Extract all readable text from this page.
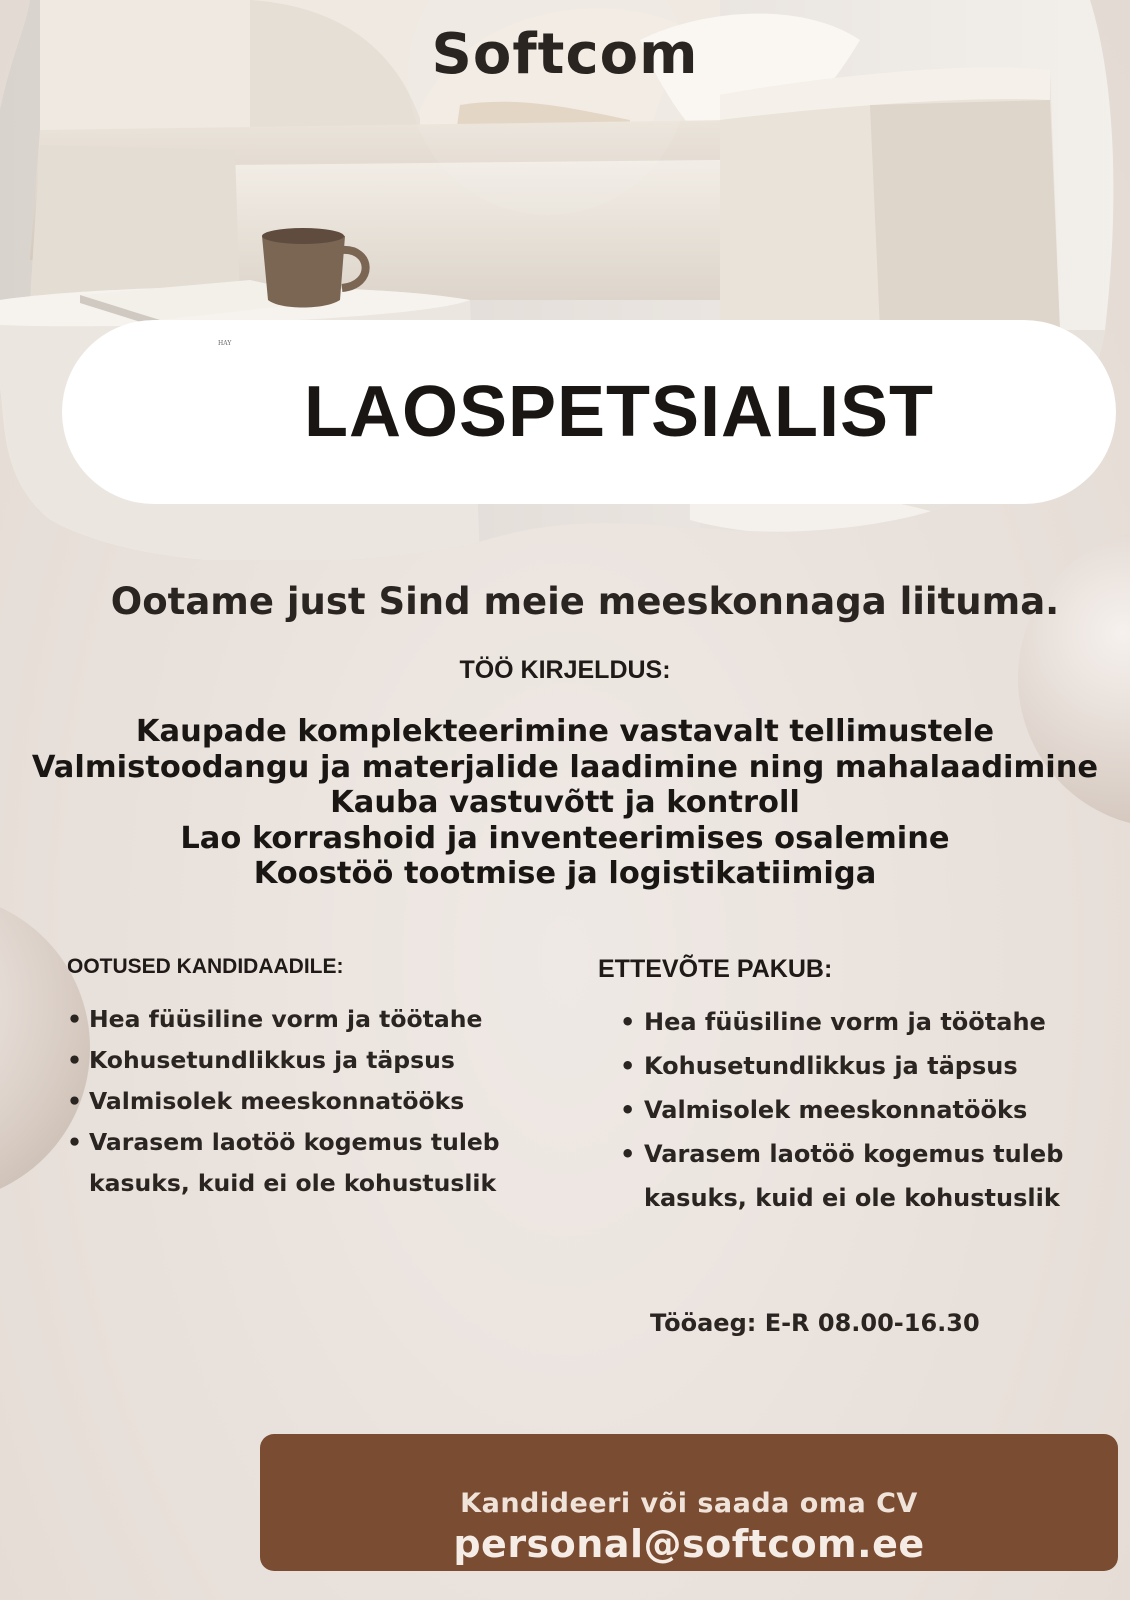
Softcom
LAOSPETSIALIST
HAY
Ootame just Sind meie meeskonnaga liituma.
TÖÖ KIRJELDUS:
Kaupade komplekteerimine vastavalt tellimustele
Valmistoodangu ja materjalide laadimine ning mahalaadimine
Kauba vastuvõtt ja kontroll
Lao korrashoid ja inventeerimises osalemine
Koostöö tootmise ja logistikatiimiga
OOTUSED KANDIDAADILE:
• Hea füüsiline vorm ja töötahe
• Kohusetundlikkus ja täpsus
• Valmisolek meeskonnatööks
• Varasem laotöö kogemus tuleb kasuks, kuid ei ole kohustuslik
ETTEVÕTE PAKUB:
• Hea füüsiline vorm ja töötahe
• Kohusetundlikkus ja täpsus
• Valmisolek meeskonnatööks
• Varasem laotöö kogemus tuleb kasuks, kuid ei ole kohustuslik
Tööaeg: E-R 08.00-16.30
Kandideeri või saada oma CV
personal@softcom.ee
